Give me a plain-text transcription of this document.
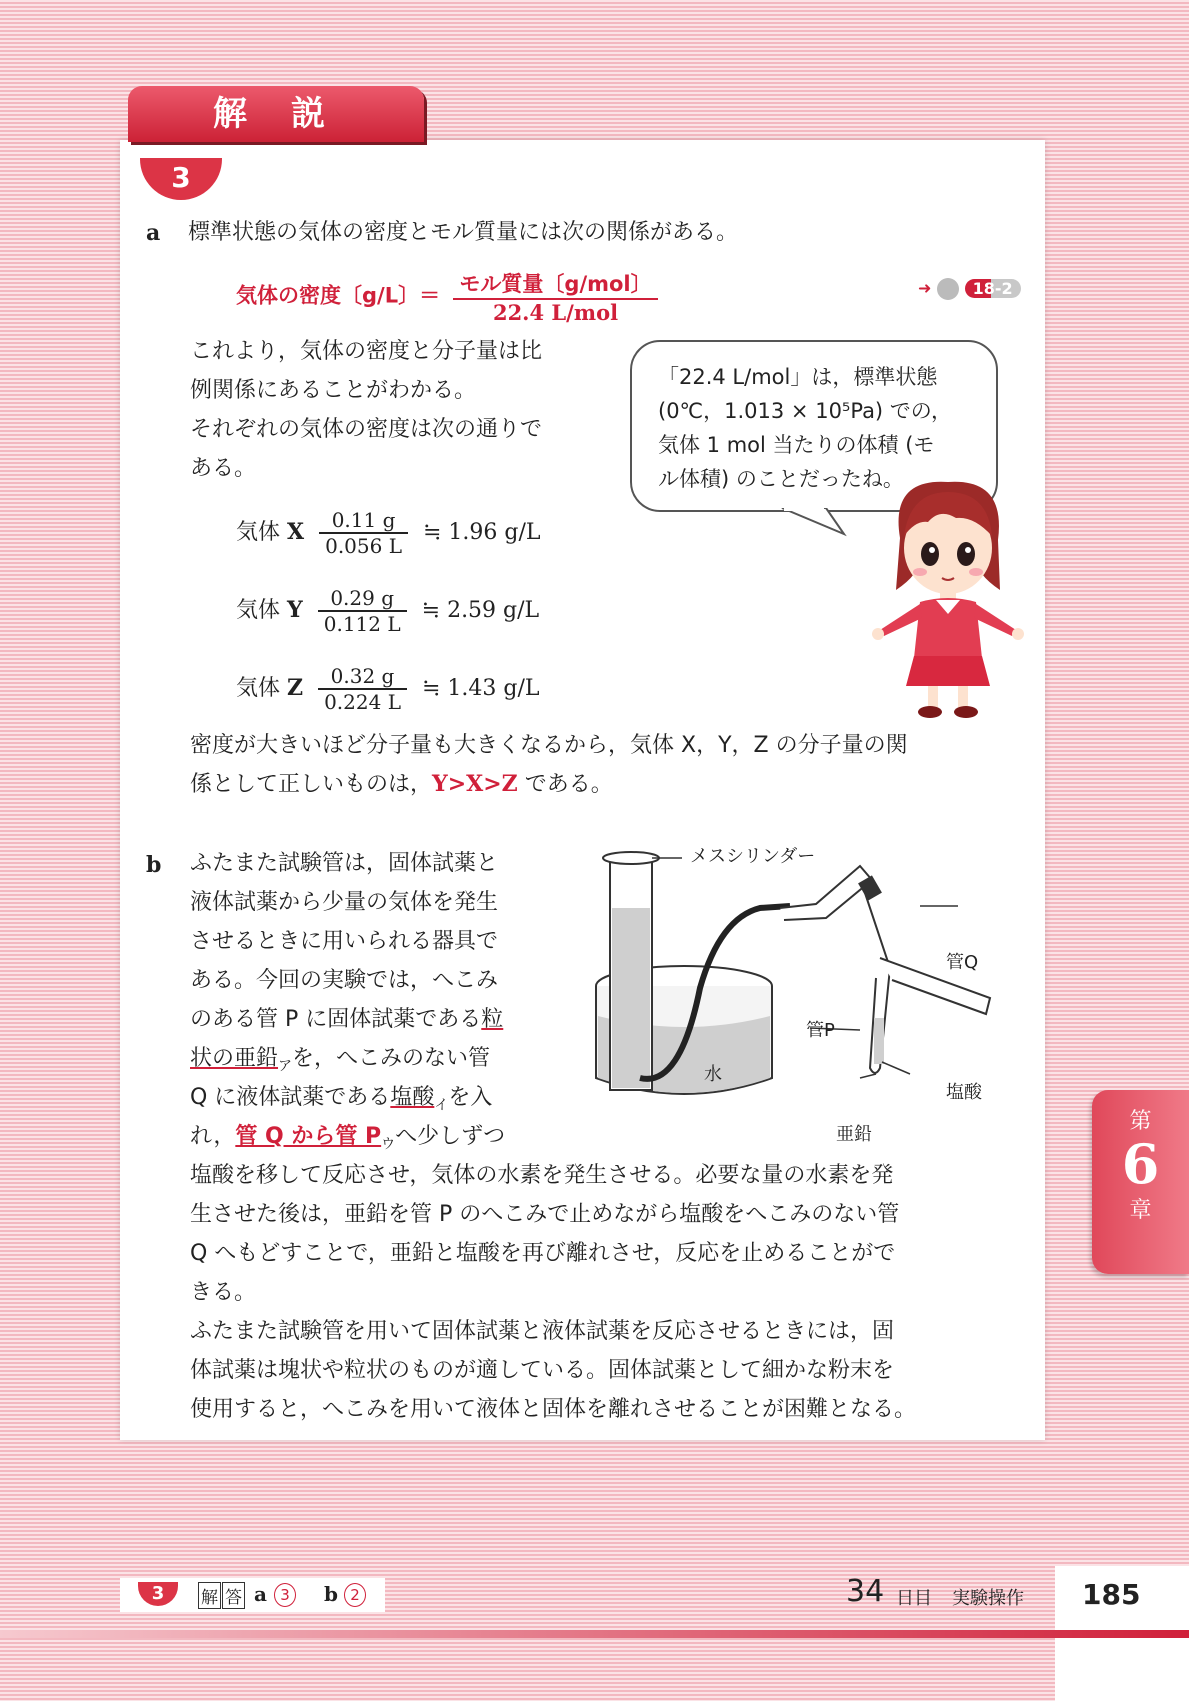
解説
3
a 標準状態の気体の密度とモル質量には次の関係がある。
気体の密度〔g/L〕＝ $\frac{\text{モル質量〔g/mol〕}}{\text{22.4 L/mol}}$	➜	18-2
これより，気体の密度と分子量は比
例関係にあることがわかる。
それぞれの気体の密度は次の通りで
ある。
気体 X $\frac{0.11 g}{0.056 L}$ ≒ 1.96 g/L
気体 Y $\frac{0.29 g}{0.112 L}$ ≒ 2.59 g/L
気体 Z $\frac{0.32 g}{0.224 L}$ ≒ 1.43 g/L
密度が大きいほど分子量も大きくなるから，気体 X，Y，Z の分子量の関
係として正しいものは，Y>X>Z である。
「22.4 L/mol」は，標準状態
(0℃，1.013 × 10⁵Pa) での，
気体 1 mol 当たりの体積 (モ
ル体積) のことだったね。
b ふたまた試験管は，固体試薬と
液体試薬から少量の気体を発生
させるときに用いられる器具で
ある。今回の実験では，へこみ
のある管 P に固体試薬である粒
状の亜鉛$_ア$を，へこみのない管
Q に液体試薬である塩酸$_イ$を入
れ，管 Q から管 $P_ウ$へ少しずつ
塩酸を移して反応させ，気体の水素を発生させる。必要な量の水素を発
生させた後は，亜鉛を管 P のへこみで止めながら塩酸をへこみのない管
Q へもどすことで，亜鉛と塩酸を再び離れさせ，反応を止めることがで
きる。
ふたまた試験管を用いて固体試薬と液体試薬を反応させるときには，固
体試薬は塊状や粒状のものが適している。固体試薬として細かな粉末を
使用すると，へこみを用いて液体と固体を離れさせることが困難となる。
メスシリンダー
管Q
管P
水
塩酸
亜鉛
第
6
章
3	解 答 a 3	b 2	34 日目 実験操作 185
